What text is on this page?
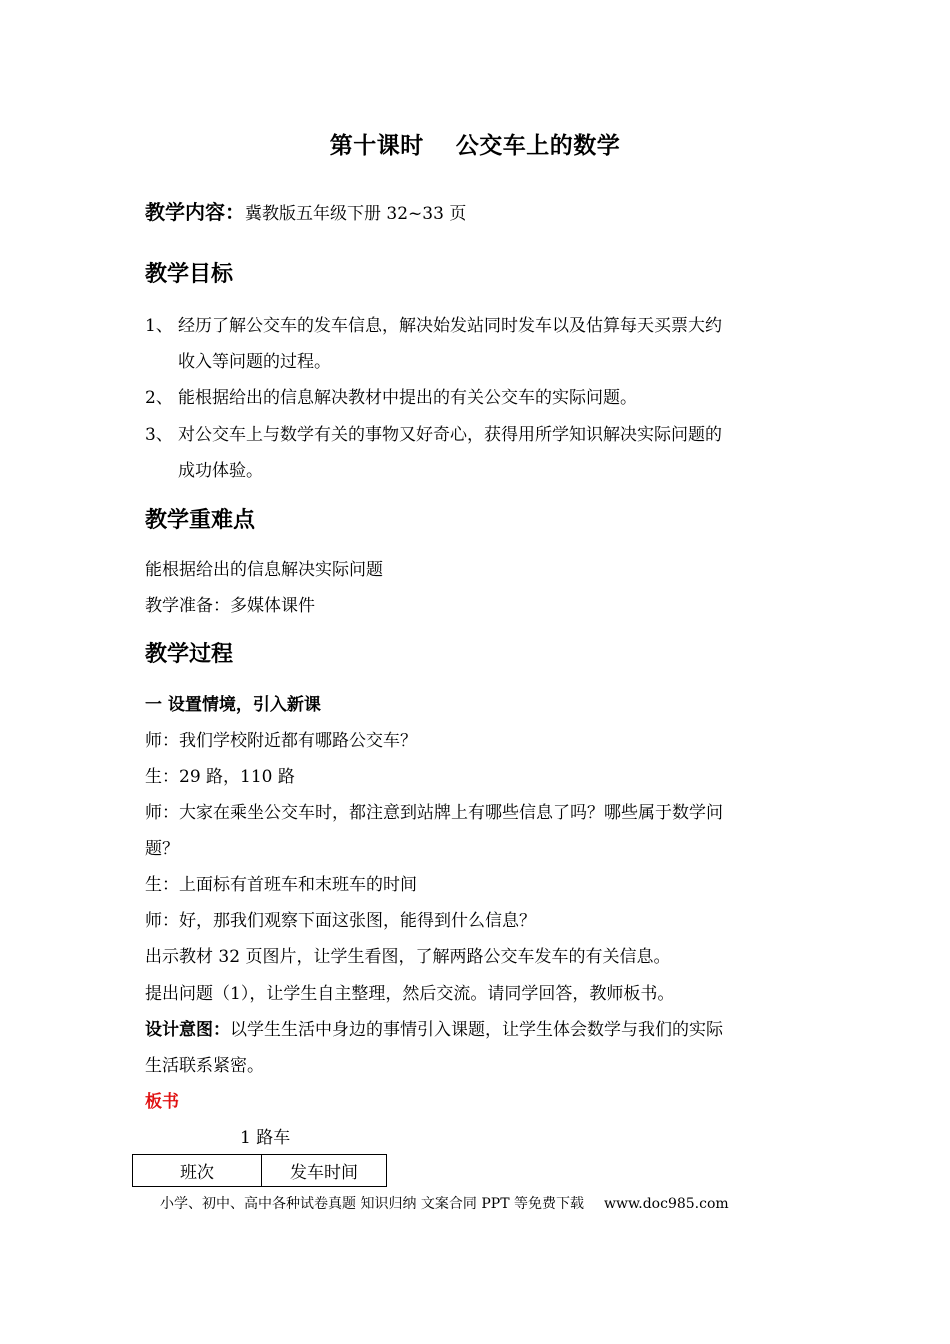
第十课时　 公交车上的数学
教学内容：冀教版五年级下册 32~33 页
教学目标
1、 经历了解公交车的发车信息，解决始发站同时发车以及估算每天买票大约
收入等问题的过程。
2、 能根据给出的信息解决教材中提出的有关公交车的实际问题。
3、 对公交车上与数学有关的事物又好奇心，获得用所学知识解决实际问题的
成功体验。
教学重难点
能根据给出的信息解决实际问题
教学准备：多媒体课件
教学过程
一 设置情境，引入新课
师：我们学校附近都有哪路公交车？
生：29 路，110 路
师：大家在乘坐公交车时，都注意到站牌上有哪些信息了吗？哪些属于数学问
题？
生：上面标有首班车和末班车的时间
师：好，那我们观察下面这张图，能得到什么信息？
出示教材 32 页图片，让学生看图，了解两路公交车发车的有关信息。
提出问题（1），让学生自主整理，然后交流。请同学回答，教师板书。
设计意图：以学生生活中身边的事情引入课题，让学生体会数学与我们的实际
生活联系紧密。
板书
1 路车
班次	发车时间
小学、初中、高中各种试卷真题 知识归纳 文案合同 PPT 等免费下载 www.doc985.com
